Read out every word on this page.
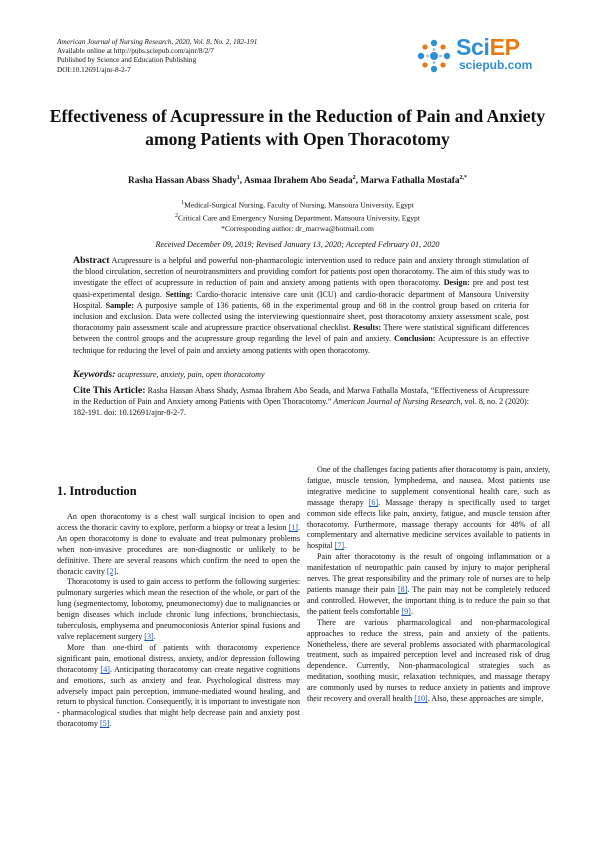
American Journal of Nursing Research, 2020, Vol. 8, No. 2, 182-191
Available online at http://pubs.sciepub.com/ajnr/8/2/7
Published by Science and Education Publishing
DOI:10.12691/ajnr-8-2-7
SciEP
sciepub.com
Effectiveness of Acupressure in the Reduction of Pain and Anxiety among Patients with Open Thoracotomy
Rasha Hassan Abass Shady$^1$, Asmaa Ibrahem Abo Seada$^2$, Marwa Fathalla Mostafa$^{2,*}$
$^1$Medical-Surgical Nursing, Faculty of Nursing, Mansoura University, Egypt
$^2$Critical Care and Emergency Nursing Department, Mansoura University, Egypt
*Corresponding author: dr_marrwa@hotmail.com
Received December 09, 2019; Revised January 13, 2020; Accepted February 01, 2020
Abstract Acupressure is a helpful and powerful non-pharmacologic intervention used to reduce pain and anxiety through stimulation of the blood circulation, secretion of neurotransmitters and providing comfort for patients post open thoracotomy. The aim of this study was to investigate the effect of acupressure in reduction of pain and anxiety among patients with open thoracotomy. Design: pre and post test quasi-experimental design. Setting: Cardio-thoracic intensive care unit (ICU) and cardio-thoracic department of Mansoura University Hospital. Sample: A purposive sample of 136 patients, 68 in the experimental group and 68 in the control group based on criteria for inclusion and exclusion. Data were collected using the interviewing questionnaire sheet, post thoracotomy anxiety assessment scale, post thoracotomy pain assessment scale and acupressure practice observational checklist. Results: There were statistical significant differences between the control groups and the acupressure group regarding the level of pain and anxiety. Conclusion: Acupressure is an effective technique for reducing the level of pain and anxiety among patients with open thoracotomy.
Keywords: acupressure, anxiety, pain, open thoracotomy
Cite This Article: Rasha Hassan Abass Shady, Asmaa Ibrahem Abo Seada, and Marwa Fathalla Mostafa, “Effectiveness of Acupressure in the Reduction of Pain and Anxiety among Patients with Open Thoracotomy.” American Journal of Nursing Research, vol. 8, no. 2 (2020): 182-191. doi: 10.12691/ajnr-8-2-7.
1. Introduction

An open thoracotomy is a chest wall surgical incision to open and access the thoracic cavity to explore, perform a biopsy or treat a lesion [1]. An open thoracotomy is done to evaluate and treat pulmonary problems when non-invasive procedures are non-diagnostic or unlikely to be definitive. There are several reasons which confirm the need to open the thoracic cavity [2].

Thoracotomy is used to gain access to perform the following surgeries: pulmonary surgeries which mean the resection of the whole, or part of the lung (segmentectomy, lobotomy, pneumonectomy) due to malignancies or benign diseases which include chronic lung infections, bronchiectasis, tuberculosis, emphysema and pneumoconiosis Anterior spinal fusions and valve replacement surgery [3].

More than one-third of patients with thoracotomy experience significant pain, emotional distress, anxiety, and/or depression following thoracotomy [4]. Anticipating thoracotomy can create negative cognitions and emotions, such as anxiety and fear. Psychological distress may adversely impact pain perception, immune-mediated wound healing, and return to physical function. Consequently, it is important to investigate non - pharmacological studies that might help decrease pain and anxiety post thoracotomy [5].

One of the challenges facing patients after thoracotomy is pain, anxiety, fatigue, muscle tension, lymphedema, and nausea. Most patients use integrative medicine to supplement conventional health care, such as massage therapy [6]. Massage therapy is specifically used to target common side effects like pain, anxiety, fatigue, and muscle tension after thoracotomy. Furthermore, massage therapy accounts for 48% of all complementary and alternative medicine services available to patients in hospital [7].

Pain after thoracotomy is the result of ongoing inflammation or a manifestation of neuropathic pain caused by injury to major peripheral nerves. The great responsibility and the primary role of nurses are to help patients manage their pain [8]. The pain may not be completely reduced and controlled. However, the important thing is to reduce the pain so that the patient feels comfortable [9].

There are various pharmacological and non-pharmacological approaches to reduce the stress, pain and anxiety of the patients. Nonetheless, there are several problems associated with pharmacological treatment, such as impaired perception level and increased risk of drug dependence. Currently, Non-pharmacological strategies such as meditation, soothing music, relaxation techniques, and massage therapy are commonly used by nurses to reduce anxiety in patients and improve their recovery and overall health [10]. Also, these approaches are simple,
